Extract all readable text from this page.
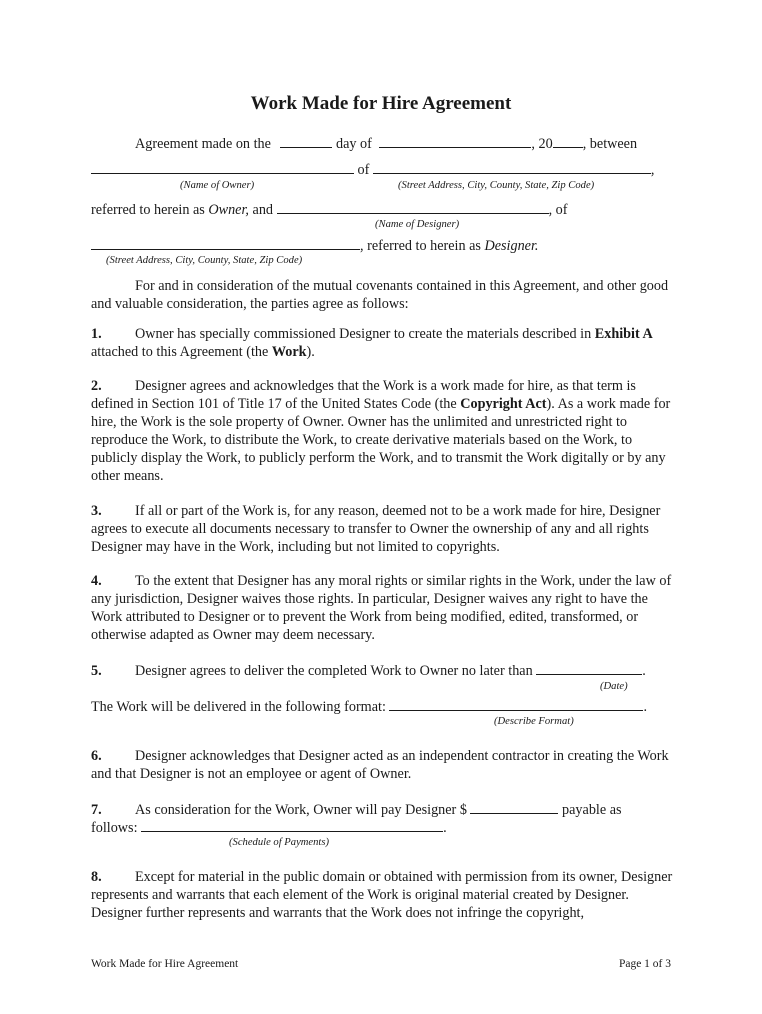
Work Made for Hire Agreement
Agreement made on the	day of	, 20 , between
of	,
(Name of Owner)	(Street Address, City, County, State, Zip Code)
referred to herein as Owner, and	, of
(Name of Designer)
, referred to herein as Designer.
(Street Address, City, County, State, Zip Code)
For and in consideration of the mutual covenants contained in this Agreement, and other good and valuable consideration, the parties agree as follows:
1. Owner has specially commissioned Designer to create the materials described in Exhibit A attached to this Agreement (the Work).
2. Designer agrees and acknowledges that the Work is a work made for hire, as that term is defined in Section 101 of Title 17 of the United States Code (the Copyright Act). As a work made for hire, the Work is the sole property of Owner. Owner has the unlimited and unrestricted right to reproduce the Work, to distribute the Work, to create derivative materials based on the Work, to publicly display the Work, to publicly perform the Work, and to transmit the Work digitally or by any other means.
3. If all or part of the Work is, for any reason, deemed not to be a work made for hire, Designer agrees to execute all documents necessary to transfer to Owner the ownership of any and all rights Designer may have in the Work, including but not limited to copyrights.
4. To the extent that Designer has any moral rights or similar rights in the Work, under the law of any jurisdiction, Designer waives those rights. In particular, Designer waives any right to have the Work attributed to Designer or to prevent the Work from being modified, edited, transformed, or otherwise adapted as Owner may deem necessary.
5. Designer agrees to deliver the completed Work to Owner no later than	.
(Date)
The Work will be delivered in the following format:	.
(Describe Format)
6. Designer acknowledges that Designer acted as an independent contractor in creating the Work and that Designer is not an employee or agent of Owner.
7. As consideration for the Work, Owner will pay Designer $	payable as
follows:	.
(Schedule of Payments)
8. Except for material in the public domain or obtained with permission from its owner, Designer represents and warrants that each element of the Work is original material created by Designer. Designer further represents and warrants that the Work does not infringe the copyright,
Work Made for Hire Agreement	Page 1 of 3
